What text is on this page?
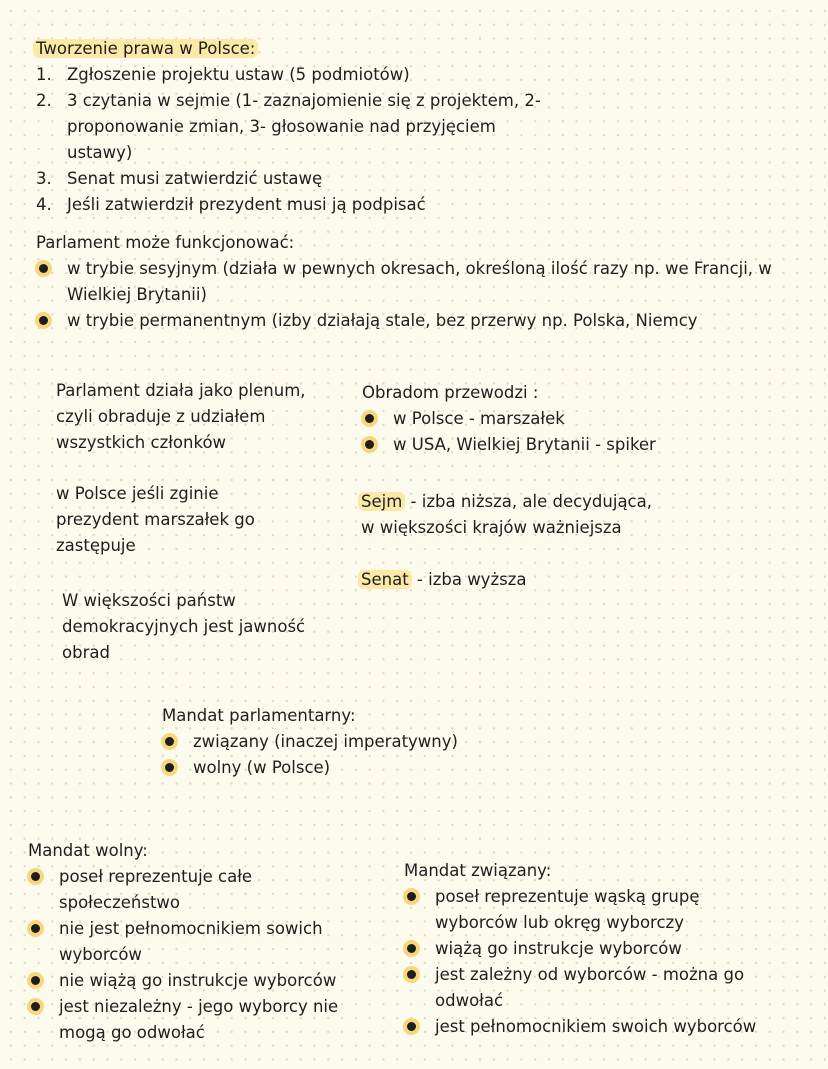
Tworzenie prawa w Polsce:
1. Zgłoszenie projektu ustaw (5 podmiotów)
2. 3 czytania w sejmie (1- zaznajomienie się z projektem, 2-
proponowanie zmian, 3- głosowanie nad przyjęciem
ustawy)
3. Senat musi zatwierdzić ustawę
4. Jeśli zatwierdził prezydent musi ją podpisać
Parlament może funkcjonować:
w trybie sesyjnym (działa w pewnych okresach, określoną ilość razy np. we Francji, w
Wielkiej Brytanii)
w trybie permanentnym (izby działają stale, bez przerwy np. Polska, Niemcy
Parlament działa jako plenum,
czyli obraduje z udziałem
wszystkich członków
Obradom przewodzi :
w Polsce - marszałek
w USA, Wielkiej Brytanii - spiker
w Polsce jeśli zginie
prezydent marszałek go
zastępuje
Sejm - izba niższa, ale decydująca,
w większości krajów ważniejsza
Senat - izba wyższa
W większości państw
demokracyjnych jest jawność
obrad
Mandat parlamentarny:
związany (inaczej imperatywny)
wolny (w Polsce)
Mandat wolny:
poseł reprezentuje całe
społeczeństwo
nie jest pełnomocnikiem sowich
wyborców
nie wiążą go instrukcje wyborców
jest niezależny - jego wyborcy nie
mogą go odwołać
Mandat związany:
poseł reprezentuje wąską grupę
wyborców lub okręg wyborczy
wiążą go instrukcje wyborców
jest zależny od wyborców - można go
odwołać
jest pełnomocnikiem swoich wyborców
